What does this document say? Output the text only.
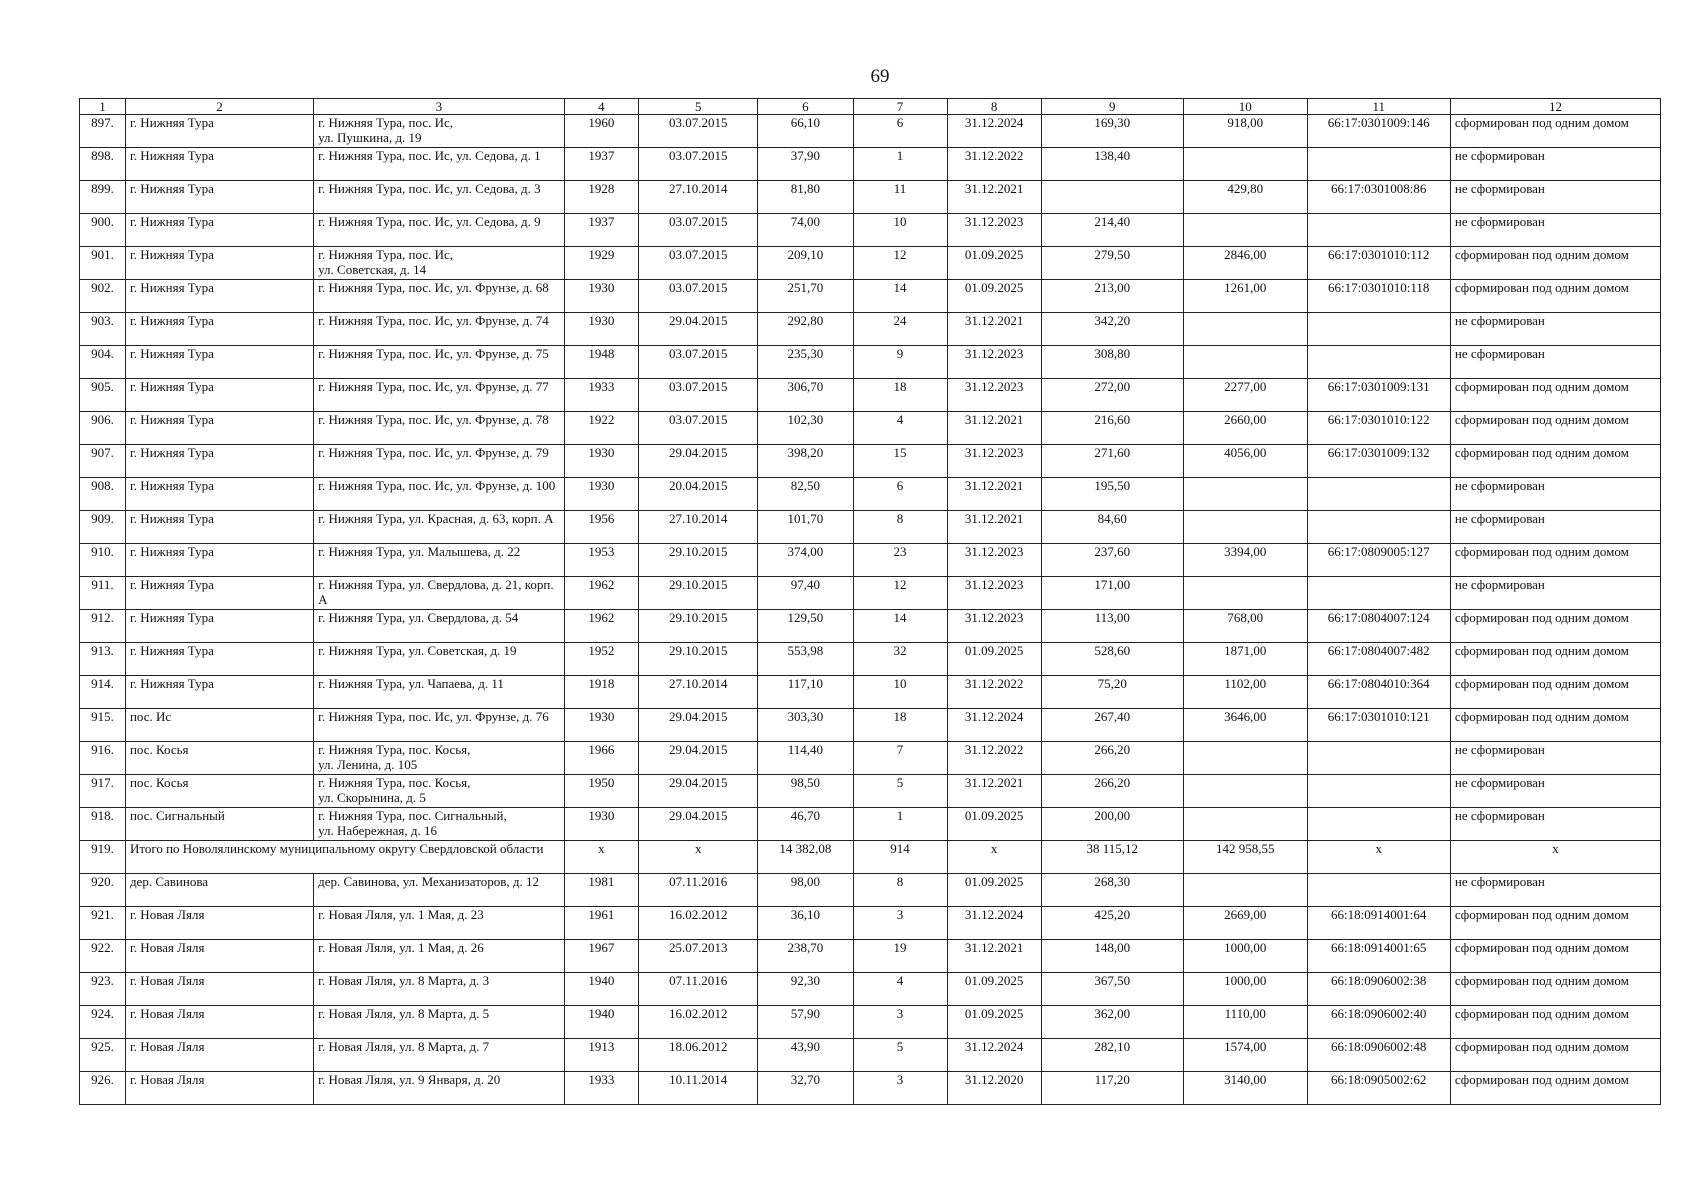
69
1	2	3	4	5	6	7	8	9	10	11	12
897.	г. Нижняя Тура	г. Нижняя Тура, пос. Ис,
ул. Пушкина, д. 19	1960	03.07.2015	66,10	6	31.12.2024	169,30	918,00	66:17:0301009:146	сформирован под одним домом
898.	г. Нижняя Тура	г. Нижняя Тура, пос. Ис, ул. Седова, д. 1	1937	03.07.2015	37,90	1	31.12.2022	138,40			не сформирован
899.	г. Нижняя Тура	г. Нижняя Тура, пос. Ис, ул. Седова, д. 3	1928	27.10.2014	81,80	11	31.12.2021		429,80	66:17:0301008:86	не сформирован
900.	г. Нижняя Тура	г. Нижняя Тура, пос. Ис, ул. Седова, д. 9	1937	03.07.2015	74,00	10	31.12.2023	214,40			не сформирован
901.	г. Нижняя Тура	г. Нижняя Тура, пос. Ис,
ул. Советская, д. 14	1929	03.07.2015	209,10	12	01.09.2025	279,50	2846,00	66:17:0301010:112	сформирован под одним домом
902.	г. Нижняя Тура	г. Нижняя Тура, пос. Ис, ул. Фрунзе, д. 68	1930	03.07.2015	251,70	14	01.09.2025	213,00	1261,00	66:17:0301010:118	сформирован под одним домом
903.	г. Нижняя Тура	г. Нижняя Тура, пос. Ис, ул. Фрунзе, д. 74	1930	29.04.2015	292,80	24	31.12.2021	342,20			не сформирован
904.	г. Нижняя Тура	г. Нижняя Тура, пос. Ис, ул. Фрунзе, д. 75	1948	03.07.2015	235,30	9	31.12.2023	308,80			не сформирован
905.	г. Нижняя Тура	г. Нижняя Тура, пос. Ис, ул. Фрунзе, д. 77	1933	03.07.2015	306,70	18	31.12.2023	272,00	2277,00	66:17:0301009:131	сформирован под одним домом
906.	г. Нижняя Тура	г. Нижняя Тура, пос. Ис, ул. Фрунзе, д. 78	1922	03.07.2015	102,30	4	31.12.2021	216,60	2660,00	66:17:0301010:122	сформирован под одним домом
907.	г. Нижняя Тура	г. Нижняя Тура, пос. Ис, ул. Фрунзе, д. 79	1930	29.04.2015	398,20	15	31.12.2023	271,60	4056,00	66:17:0301009:132	сформирован под одним домом
908.	г. Нижняя Тура	г. Нижняя Тура, пос. Ис, ул. Фрунзе, д. 100	1930	20.04.2015	82,50	6	31.12.2021	195,50			не сформирован
909.	г. Нижняя Тура	г. Нижняя Тура, ул. Красная, д. 63, корп. А	1956	27.10.2014	101,70	8	31.12.2021	84,60			не сформирован
910.	г. Нижняя Тура	г. Нижняя Тура, ул. Малышева, д. 22	1953	29.10.2015	374,00	23	31.12.2023	237,60	3394,00	66:17:0809005:127	сформирован под одним домом
911.	г. Нижняя Тура	г. Нижняя Тура, ул. Свердлова, д. 21, корп. А	1962	29.10.2015	97,40	12	31.12.2023	171,00			не сформирован
912.	г. Нижняя Тура	г. Нижняя Тура, ул. Свердлова, д. 54	1962	29.10.2015	129,50	14	31.12.2023	113,00	768,00	66:17:0804007:124	сформирован под одним домом
913.	г. Нижняя Тура	г. Нижняя Тура, ул. Советская, д. 19	1952	29.10.2015	553,98	32	01.09.2025	528,60	1871,00	66:17:0804007:482	сформирован под одним домом
914.	г. Нижняя Тура	г. Нижняя Тура, ул. Чапаева, д. 11	1918	27.10.2014	117,10	10	31.12.2022	75,20	1102,00	66:17:0804010:364	сформирован под одним домом
915.	пос. Ис	г. Нижняя Тура, пос. Ис, ул. Фрунзе, д. 76	1930	29.04.2015	303,30	18	31.12.2024	267,40	3646,00	66:17:0301010:121	сформирован под одним домом
916.	пос. Косья	г. Нижняя Тура, пос. Косья,
ул. Ленина, д. 105	1966	29.04.2015	114,40	7	31.12.2022	266,20			не сформирован
917.	пос. Косья	г. Нижняя Тура, пос. Косья,
ул. Скорынина, д. 5	1950	29.04.2015	98,50	5	31.12.2021	266,20			не сформирован
918.	пос. Сигнальный	г. Нижняя Тура, пос. Сигнальный,
ул. Набережная, д. 16	1930	29.04.2015	46,70	1	01.09.2025	200,00			не сформирован
919.	Итого по Новолялинскому муниципальному округу Свердловской области		х	х	14 382,08	914	х	38 115,12	142 958,55	х	х
920.	дер. Савинова	дер. Савинова, ул. Механизаторов, д. 12	1981	07.11.2016	98,00	8	01.09.2025	268,30			не сформирован
921.	г. Новая Ляля	г. Новая Ляля, ул. 1 Мая, д. 23	1961	16.02.2012	36,10	3	31.12.2024	425,20	2669,00	66:18:0914001:64	сформирован под одним домом
922.	г. Новая Ляля	г. Новая Ляля, ул. 1 Мая, д. 26	1967	25.07.2013	238,70	19	31.12.2021	148,00	1000,00	66:18:0914001:65	сформирован под одним домом
923.	г. Новая Ляля	г. Новая Ляля, ул. 8 Марта, д. 3	1940	07.11.2016	92,30	4	01.09.2025	367,50	1000,00	66:18:0906002:38	сформирован под одним домом
924.	г. Новая Ляля	г. Новая Ляля, ул. 8 Марта, д. 5	1940	16.02.2012	57,90	3	01.09.2025	362,00	1110,00	66:18:0906002:40	сформирован под одним домом
925.	г. Новая Ляля	г. Новая Ляля, ул. 8 Марта, д. 7	1913	18.06.2012	43,90	5	31.12.2024	282,10	1574,00	66:18:0906002:48	сформирован под одним домом
926.	г. Новая Ляля	г. Новая Ляля, ул. 9 Января, д. 20	1933	10.11.2014	32,70	3	31.12.2020	117,20	3140,00	66:18:0905002:62	сформирован под одним домом
